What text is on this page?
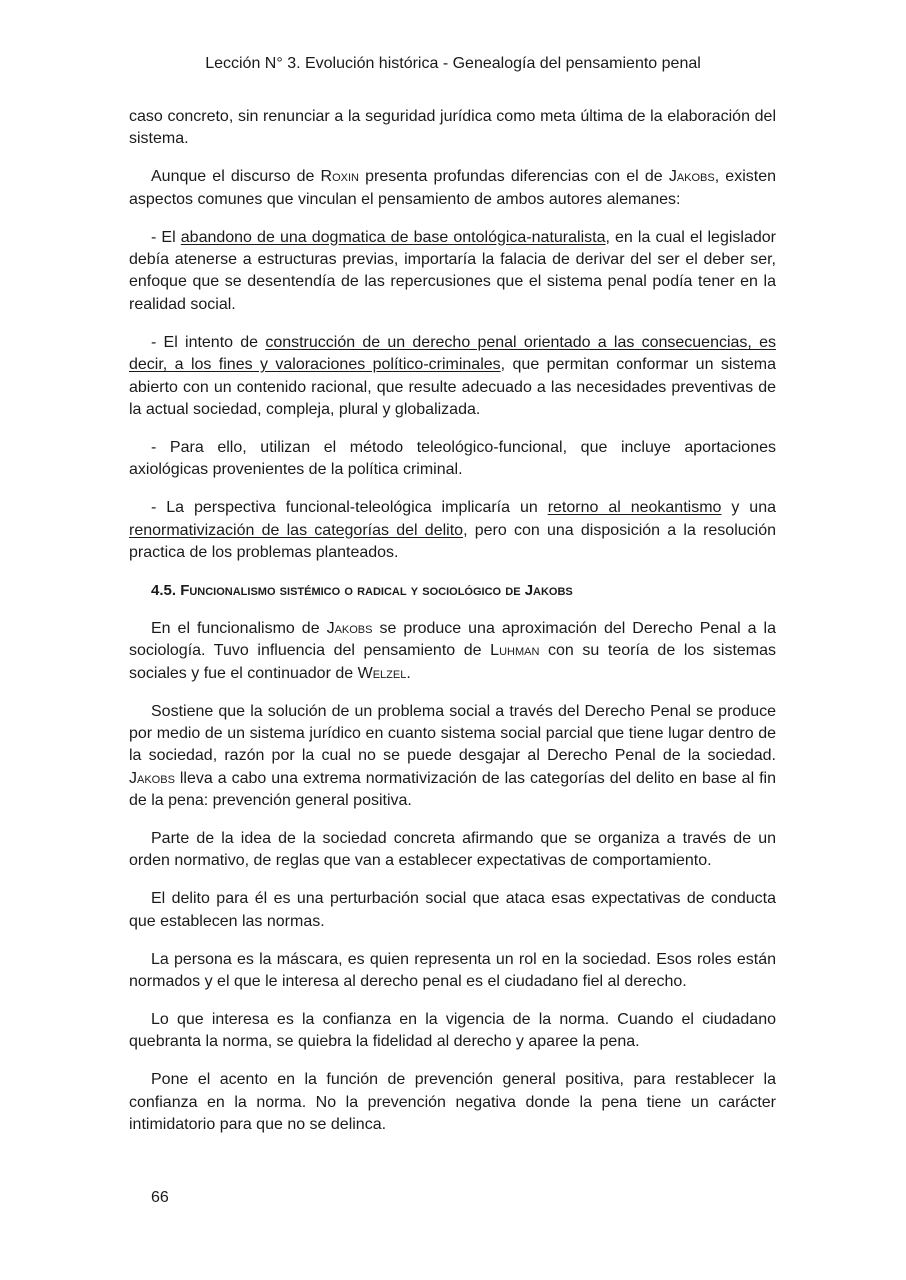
Lección N° 3. Evolución histórica - Genealogía del pensamiento penal

caso concreto, sin renunciar a la seguridad jurídica como meta última de la elaboración del sistema.

Aunque el discurso de Roxin presenta profundas diferencias con el de Jakobs, existen aspectos comunes que vinculan el pensamiento de ambos autores alemanes:

- El abandono de una dogmatica de base ontológica-naturalista, en la cual el legislador debía atenerse a estructuras previas, importaría la falacia de derivar del ser el deber ser, enfoque que se desentendía de las repercusiones que el sistema penal podía tener en la realidad social.

- El intento de construcción de un derecho penal orientado a las consecuencias, es decir, a los fines y valoraciones político-criminales, que permitan conformar un sistema abierto con un contenido racional, que resulte adecuado a las necesidades preventivas de la actual sociedad, compleja, plural y globalizada.

- Para ello, utilizan el método teleológico-funcional, que incluye aportaciones axiológicas provenientes de la política criminal.

- La perspectiva funcional-teleológica implicaría un retorno al neokantismo y una renormativización de las categorías del delito, pero con una disposición a la resolución practica de los problemas planteados.

4.5. Funcionalismo sistémico o radical y sociológico de Jakobs

En el funcionalismo de Jakobs se produce una aproximación del Derecho Penal a la sociología. Tuvo influencia del pensamiento de Luhman con su teoría de los sistemas sociales y fue el continuador de Welzel.

Sostiene que la solución de un problema social a través del Derecho Penal se produce por medio de un sistema jurídico en cuanto sistema social parcial que tiene lugar dentro de la sociedad, razón por la cual no se puede desgajar al Derecho Penal de la sociedad. Jakobs lleva a cabo una extrema normativización de las categorías del delito en base al fin de la pena: prevención general positiva.

Parte de la idea de la sociedad concreta afirmando que se organiza a través de un orden normativo, de reglas que van a establecer expectativas de comportamiento.

El delito para él es una perturbación social que ataca esas expectativas de conducta que establecen las normas.

La persona es la máscara, es quien representa un rol en la sociedad. Esos roles están normados y el que le interesa al derecho penal es el ciudadano fiel al derecho.

Lo que interesa es la confianza en la vigencia de la norma. Cuando el ciudadano quebranta la norma, se quiebra la fidelidad al derecho y aparee la pena.

Pone el acento en la función de prevención general positiva, para restablecer la confianza en la norma. No la prevención negativa donde la pena tiene un carácter intimidatorio para que no se delinca.

66
